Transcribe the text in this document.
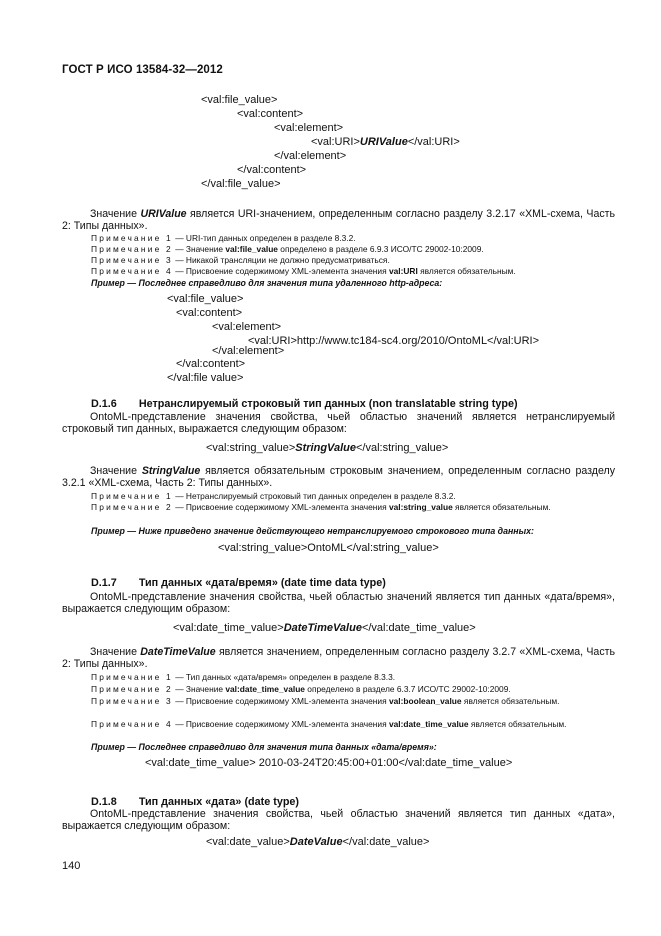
ГОСТ Р ИСО 13584-32—2012
<val:file_value>
<val:content>
<val:element>
<val:URI>URIValue</val:URI>
</val:element>
</val:content>
</val:file_value>
Значение URIValue является URI-значением, определенным согласно разделу 3.2.17 «XML-схема, Часть 2: Типы данных».
Примечание 1 — URI-тип данных определен в разделе 8.3.2.
Примечание 2 — Значение val:file_value определено в разделе 6.9.3 ИСО/ТС 29002-10:2009.
Примечание 3 — Никакой трансляции не должно предусматриваться.
Примечание 4 — Присвоение содержимому XML-элемента значения val:URI является обязательным.
Пример — Последнее справедливо для значения типа удаленного http-адреса:
<val:file_value>
<val:content>
<val:element>
<val:URI>http://www.tc184-sc4.org/2010/OntoML</val:URI>
</val:element>
</val:content>
</val:file value>
D.1.6 Нетранслируемый строковый тип данных (non translatable string type)
OntoML-представление значения свойства, чьей областью значений является нетранслируемый строковый тип данных, выражается следующим образом:
<val:string_value>StringValue</val:string_value>
Значение StringValue является обязательным строковым значением, определенным согласно разделу 3.2.1 «XML-схема, Часть 2: Типы данных».
Примечание 1 — Нетранслируемый строковый тип данных определен в разделе 8.3.2.
Примечание 2 — Присвоение содержимому XML-элемента значения val:string_value является обязательным.
Пример — Ниже приведено значение действующего нетранслируемого строкового типа данных:
<val:string_value>OntoML</val:string_value>
D.1.7 Тип данных «дата/время» (date time data type)
OntoML-представление значения свойства, чьей областью значений является тип данных «дата/время», выражается следующим образом:
<val:date_time_value>DateTimeValue</val:date_time_value>
Значение DateTimeValue является значением, определенным согласно разделу 3.2.7 «XML-схема, Часть 2: Типы данных».
Примечание 1 — Тип данных «дата/время» определен в разделе 8.3.3.
Примечание 2 — Значение val:date_time_value определено в разделе 6.3.7 ИСО/ТС 29002-10:2009.
Примечание 3 — Присвоение содержимому XML-элемента значения val:boolean_value является обязательным.
Примечание 4 — Присвоение содержимому XML-элемента значения val:date_time_value является обязательным.
Пример — Последнее справедливо для значения типа данных «дата/время»:
<val:date_time_value> 2010-03-24T20:45:00+01:00</val:date_time_value>
D.1.8 Тип данных «дата» (date type)
OntoML-представление значения свойства, чьей областью значений является тип данных «дата», выражается следующим образом:
<val:date_value>DateValue</val:date_value>
140
